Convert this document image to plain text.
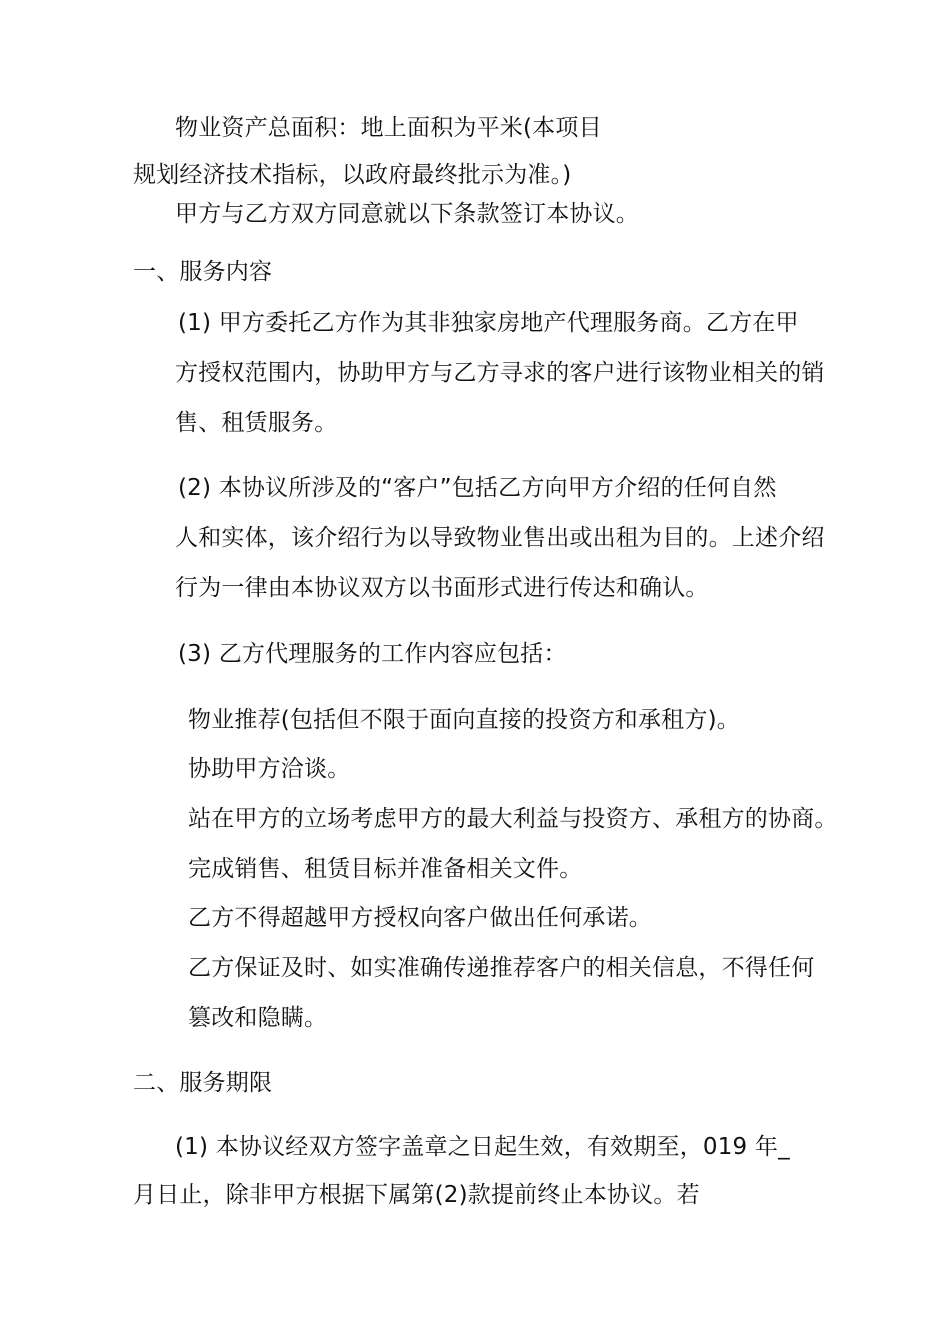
物业资产总面积：地上面积为平米(本项目
规划经济技术指标，以政府最终批示为准。)
甲方与乙方双方同意就以下条款签订本协议。
一、服务内容
(1) 甲方委托乙方作为其非独家房地产代理服务商。乙方在甲
方授权范围内，协助甲方与乙方寻求的客户进行该物业相关的销
售、租赁服务。
(2) 本协议所涉及的“客户”包括乙方向甲方介绍的任何自然
人和实体，该介绍行为以导致物业售出或出租为目的。上述介绍
行为一律由本协议双方以书面形式进行传达和确认。
(3) 乙方代理服务的工作内容应包括：
物业推荐(包括但不限于面向直接的投资方和承租方)。
协助甲方洽谈。
站在甲方的立场考虑甲方的最大利益与投资方、承租方的协商。
完成销售、租赁目标并准备相关文件。
乙方不得超越甲方授权向客户做出任何承诺。
乙方保证及时、如实准确传递推荐客户的相关信息，不得任何
篡改和隐瞒。
二、服务期限
(1) 本协议经双方签字盖章之日起生效，有效期至，019 年_
月日止，除非甲方根据下属第(2)款提前终止本协议。若
